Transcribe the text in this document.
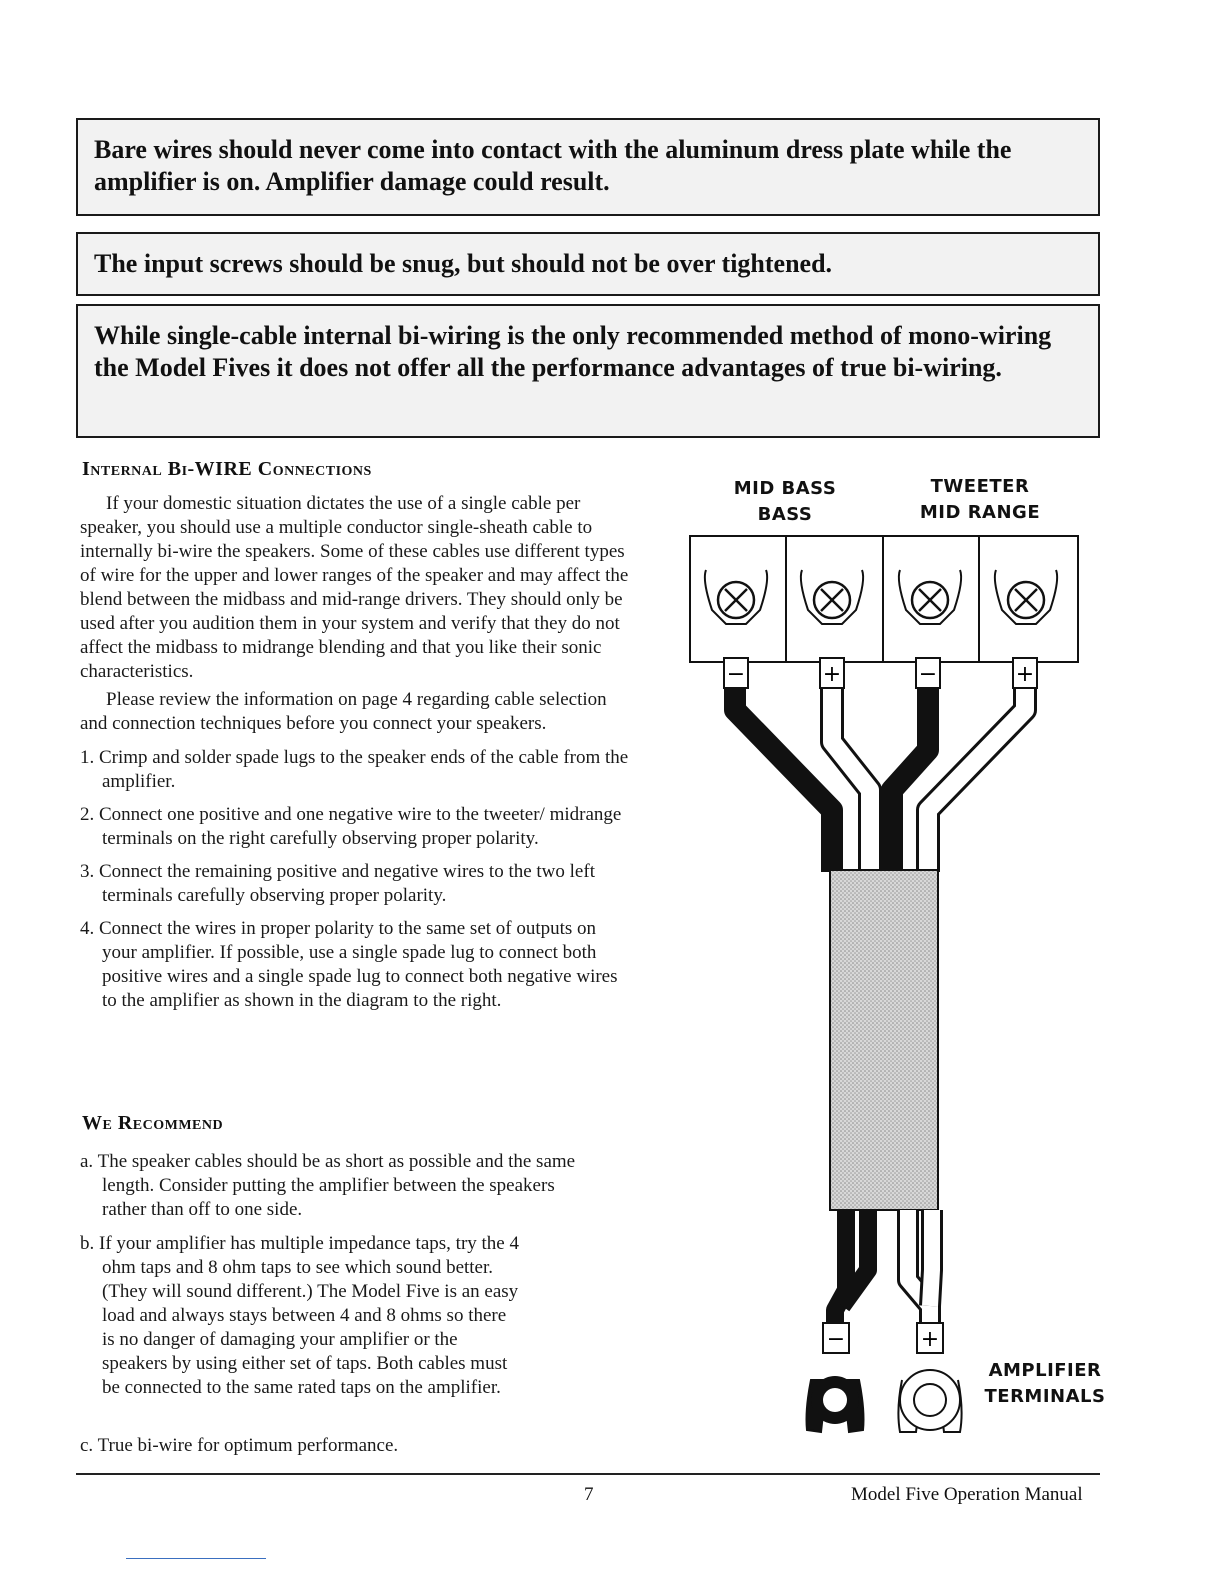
Bare wires should never come into contact with the aluminum dress plate while the amplifier is on. Amplifier damage could result.
The input screws should be snug, but should not be over tightened.
While single-cable internal bi-wiring is the only recommended method of mono-wiring the Model Fives it does not offer all the performance advantages of true bi-wiring.
Internal Bi-WIRE Connections

If your domestic situation dictates the use of a single cable per speaker, you should use a multiple conductor single-sheath cable to internally bi-wire the speakers. Some of these cables use different types of wire for the upper and lower ranges of the speaker and may affect the blend between the midbass and mid-range drivers. They should only be used after you audition them in your system and verify that they do not affect the midbass to midrange blending and that you like their sonic characteristics.

Please review the information on page 4 regarding cable selection and connection techniques before you connect your speakers.

1. Crimp and solder spade lugs to the speaker ends of the cable from the amplifier.

2. Connect one positive and one negative wire to the tweeter/ midrange terminals on the right carefully observing proper polarity.

3. Connect the remaining positive and negative wires to the two left terminals carefully observing proper polarity.

4. Connect the wires in proper polarity to the same set of outputs on your amplifier. If possible, use a single spade lug to connect both positive wires and a single spade lug to connect both negative wires to the amplifier as shown in the diagram to the right.

We Recommend

a. The speaker cables should be as short as possible and the same length. Consider putting the amplifier between the speakers rather than off to one side.

b. If your amplifier has multiple impedance taps, try the 4 ohm taps and 8 ohm taps to see which sound better. (They will sound different.) The Model Five is an easy load and always stays between 4 and 8 ohms so there is no danger of damaging your amplifier or the speakers by using either set of taps. Both cables must be connected to the same rated taps on the amplifier.

c. True bi-wire for optimum performance.

MID BASS
BASS
TWEETER
MID RANGE
−	+	−	+
−	+
AMPLIFIER
TERMINALS
7	Model Five Operation Manual
